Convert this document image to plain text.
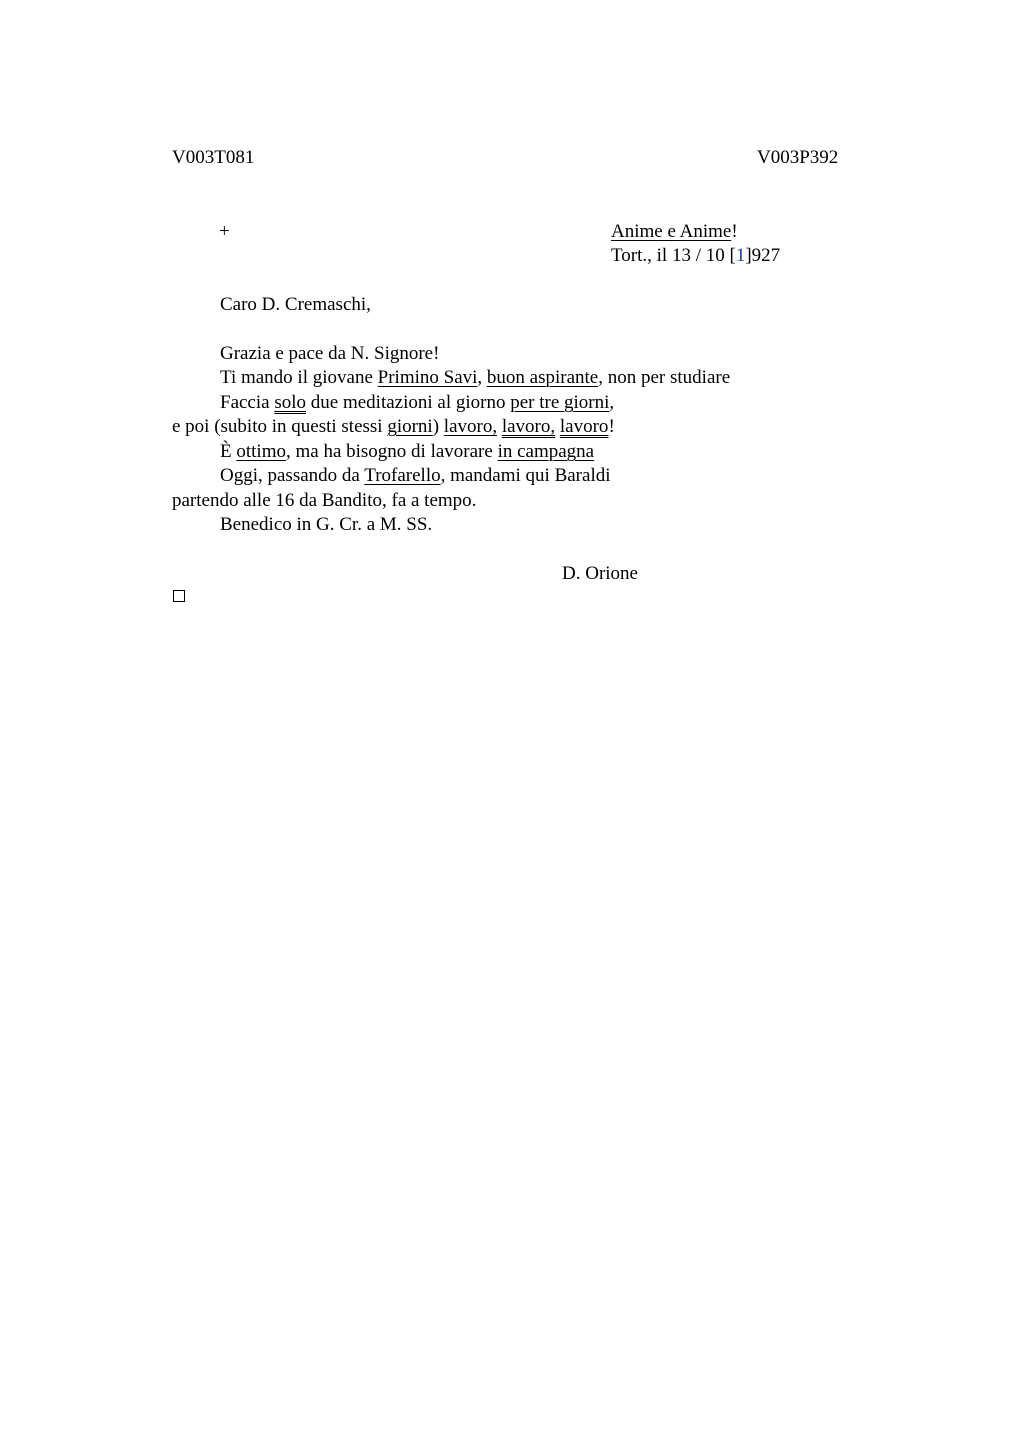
V003T081	V003P392
+	Anime e Anime!
Tort., il 13 / 10 [1]927
Caro D. Cremaschi,
Grazia e pace da N. Signore!
Ti mando il giovane Primino Savi, buon aspirante, non per studiare
Faccia solo due meditazioni al giorno per tre giorni,
e poi (subito in questi stessi giorni) lavoro, lavoro, lavoro!
È ottimo, ma ha bisogno di lavorare in campagna
Oggi, passando da Trofarello, mandami qui Baraldi
partendo alle 16 da Bandito, fa a tempo.
Benedico in G. Cr. a M. SS.
D. Orione
